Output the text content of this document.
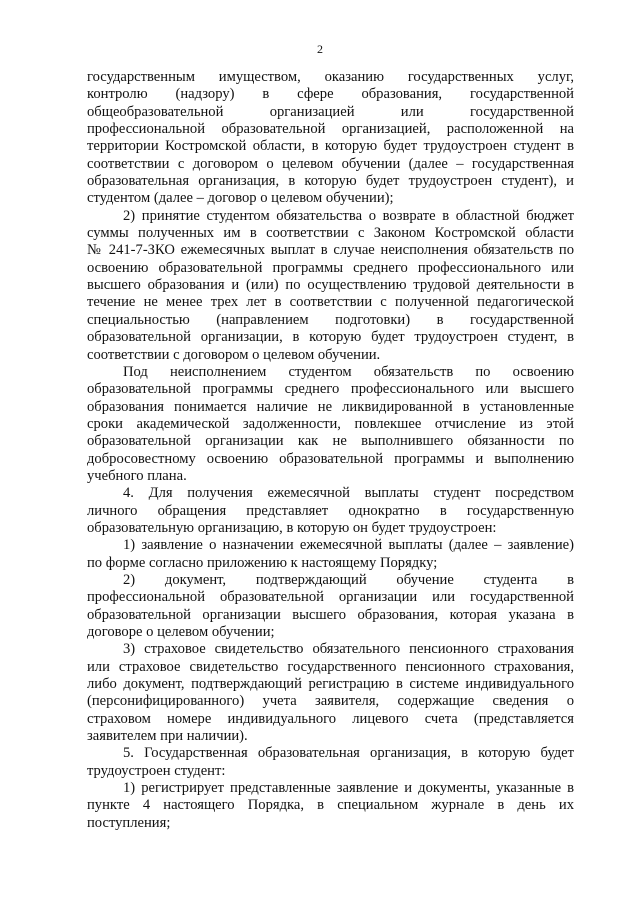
2
государственным имуществом, оказанию государственных услуг,
контролю (надзору) в сфере образования, государственной
общеобразовательной организацией или государственной
профессиональной образовательной организацией, расположенной на
территории Костромской области, в которую будет трудоустроен студент в
соответствии с договором о целевом обучении (далее – государственная
образовательная организация, в которую будет трудоустроен студент), и
студентом (далее – договор о целевом обучении);
2) принятие студентом обязательства о возврате в областной бюджет
суммы полученных им в соответствии с Законом Костромской области
№ 241-7-ЗКО ежемесячных выплат в случае неисполнения обязательств по
освоению образовательной программы среднего профессионального или
высшего образования и (или) по осуществлению трудовой деятельности в
течение не менее трех лет в соответствии с полученной педагогической
специальностью (направлением подготовки) в государственной
образовательной организации, в которую будет трудоустроен студент, в
соответствии с договором о целевом обучении.
Под неисполнением студентом обязательств по освоению
образовательной программы среднего профессионального или высшего
образования понимается наличие не ликвидированной в установленные
сроки академической задолженности, повлекшее отчисление из этой
образовательной организации как не выполнившего обязанности по
добросовестному освоению образовательной программы и выполнению
учебного плана.
4. Для получения ежемесячной выплаты студент посредством
личного обращения представляет однократно в государственную
образовательную организацию, в которую он будет трудоустроен:
1) заявление о назначении ежемесячной выплаты (далее – заявление)
по форме согласно приложению к настоящему Порядку;
2) документ, подтверждающий обучение студента в
профессиональной образовательной организации или государственной
образовательной организации высшего образования, которая указана в
договоре о целевом обучении;
3) страховое свидетельство обязательного пенсионного страхования
или страховое свидетельство государственного пенсионного страхования,
либо документ, подтверждающий регистрацию в системе индивидуального
(персонифицированного) учета заявителя, содержащие сведения о
страховом номере индивидуального лицевого счета (представляется
заявителем при наличии).
5. Государственная образовательная организация, в которую будет
трудоустроен студент:
1) регистрирует представленные заявление и документы, указанные в
пункте 4 настоящего Порядка, в специальном журнале в день их
поступления;
